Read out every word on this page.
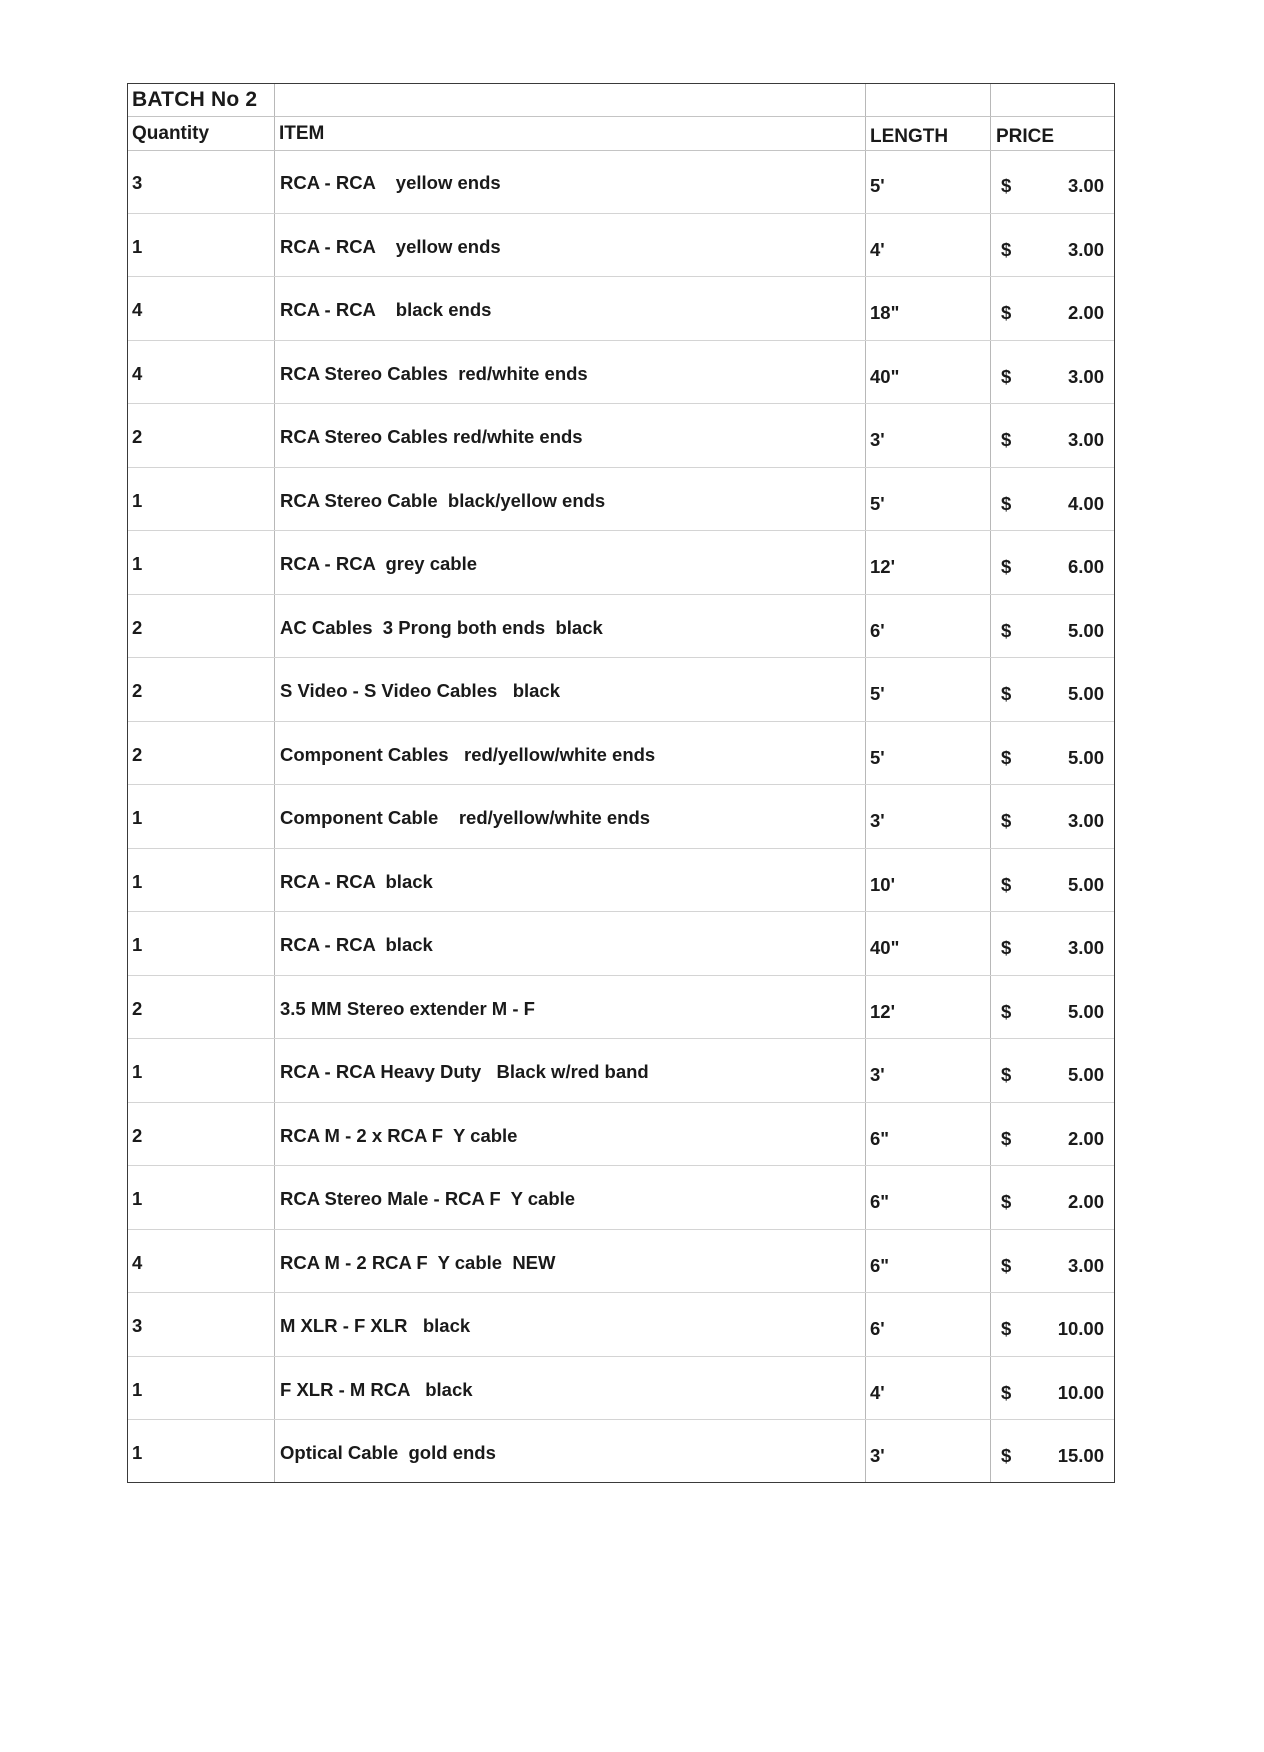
BATCH No 2
Quantity	ITEM	LENGTH	PRICE
3	RCA - RCA    yellow ends	5'	$	3.00
1	RCA - RCA    yellow ends	4'	$	3.00
4	RCA - RCA    black ends	18"	$	2.00
4	RCA Stereo Cables  red/white ends	40"	$	3.00
2	RCA Stereo Cables red/white ends	3'	$	3.00
1	RCA Stereo Cable  black/yellow ends	5'	$	4.00
1	RCA - RCA  grey cable	12'	$	6.00
2	AC Cables  3 Prong both ends  black	6'	$	5.00
2	S Video - S Video Cables   black	5'	$	5.00
2	Component Cables   red/yellow/white ends	5'	$	5.00
1	Component Cable    red/yellow/white ends	3'	$	3.00
1	RCA - RCA  black	10'	$	5.00
1	RCA - RCA  black	40"	$	3.00
2	3.5 MM Stereo extender M - F	12'	$	5.00
1	RCA - RCA Heavy Duty   Black w/red band	3'	$	5.00
2	RCA M - 2 x RCA F  Y cable	6"	$	2.00
1	RCA Stereo Male - RCA F  Y cable	6"	$	2.00
4	RCA M - 2 RCA F  Y cable  NEW	6"	$	3.00
3	M XLR - F XLR   black	6'	$	10.00
1	F XLR - M RCA   black	4'	$	10.00
1	Optical Cable  gold ends	3'	$	15.00
